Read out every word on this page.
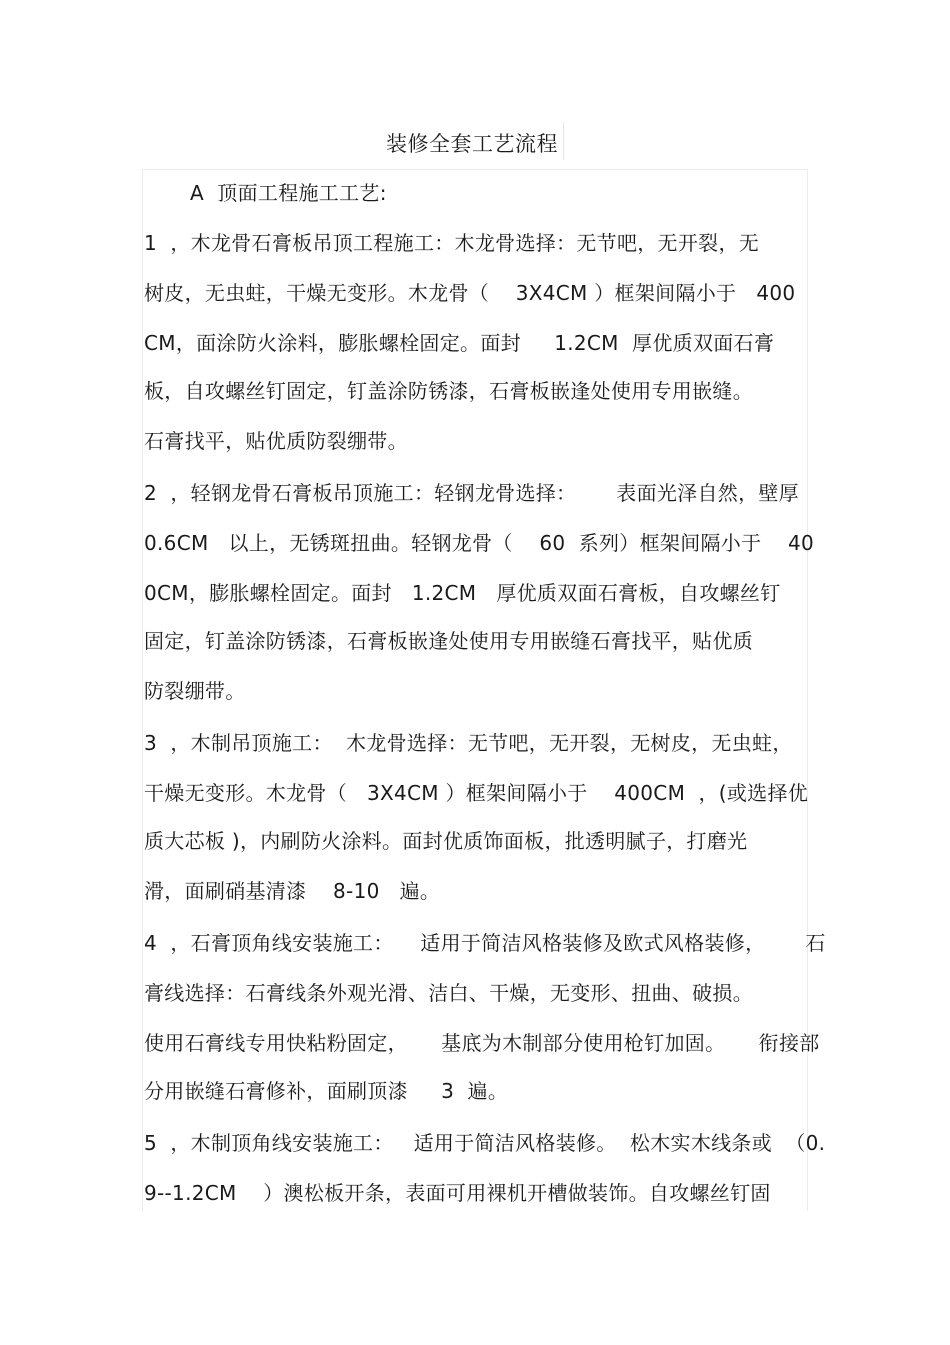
装修全套工艺流程
A  顶面工程施工工艺:
1  ，木龙骨石膏板吊顶工程施工：木龙骨选择：无节吧，无开裂，无
树皮，无虫蛀，干燥无变形。木龙骨（    3X4CM ）框架间隔小于   400
CM，面涂防火涂料，膨胀螺栓固定。面封     1.2CM  厚优质双面石膏
板，自攻螺丝钉固定，钉盖涂防锈漆，石膏板嵌逢处使用专用嵌缝。
石膏找平，贴优质防裂绷带。
2  ，轻钢龙骨石膏板吊顶施工：轻钢龙骨选择：      表面光泽自然，壁厚
0.6CM   以上，无锈斑扭曲。轻钢龙骨（    60  系列）框架间隔小于    40
0CM，膨胀螺栓固定。面封   1.2CM   厚优质双面石膏板，自攻螺丝钉
固定，钉盖涂防锈漆，石膏板嵌逢处使用专用嵌缝石膏找平，贴优质
防裂绷带。
3  ，木制吊顶施工：  木龙骨选择：无节吧，无开裂，无树皮，无虫蛀，
干燥无变形。木龙骨（   3X4CM ）框架间隔小于    400CM  ，(或选择优
质大芯板 )，内刷防火涂料。面封优质饰面板，批透明腻子，打磨光
滑，面刷硝基清漆    8-10   遍。
4  ，石膏顶角线安装施工：    适用于简洁风格装修及欧式风格装修，      石
膏线选择：石膏线条外观光滑、洁白、干燥，无变形、扭曲、破损。
使用石膏线专用快粘粉固定，     基底为木制部分使用枪钉加固。     衔接部
分用嵌缝石膏修补，面刷顶漆     3  遍。
5  ，木制顶角线安装施工：   适用于简洁风格装修。  松木实木线条或  （0.
9--1.2CM    ）澳松板开条，表面可用裸机开槽做装饰。自攻螺丝钉固
